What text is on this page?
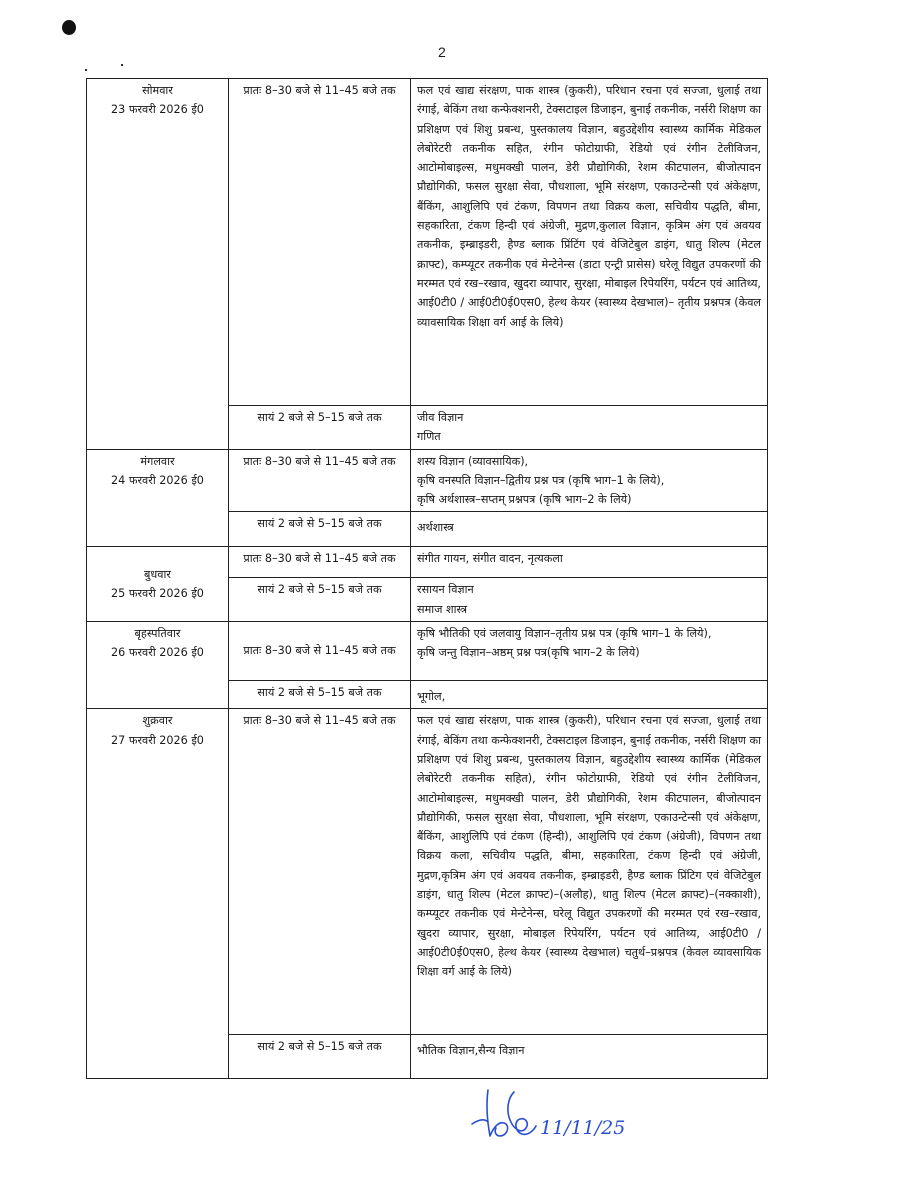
2
सोमवार
23 फरवरी 2026 ई0	प्रातः 8–30 बजे से 11–45 बजे तक	फल एवं खाद्य संरक्षण, पाक शास्त्र (कुकरी), परिधान रचना एवं सज्जा, धुलाई तथा रंगाई, बेकिंग तथा कन्फेक्शनरी, टेक्सटाइल डिजाइन, बुनाई तकनीक, नर्सरी शिक्षण का प्रशिक्षण एवं शिशु प्रबन्ध, पुस्तकालय विज्ञान, बहुउद्देशीय स्वास्थ्य कार्मिक मेडिकल लेबोरेटरी तकनीक सहित, रंगीन फोटोग्राफी, रेडियो एवं रंगीन टेलीविजन, आटोमोबाइल्स, मधुमक्खी पालन, डेरी प्रौद्योगिकी, रेशम कीटपालन, बीजोत्पादन प्रौद्योगिकी, फसल सुरक्षा सेवा, पौधशाला, भूमि संरक्षण, एकाउन्टेन्सी एवं अंकेक्षण, बैंकिंग, आशुलिपि एवं टंकण, विपणन तथा विक्रय कला, सचिवीय पद्धति, बीमा, सहकारिता, टंकण हिन्दी एवं अंग्रेजी, मुद्रण,कुलाल विज्ञान, कृत्रिम अंग एवं अवयव तकनीक, इम्ब्राइडरी, हैण्ड ब्लाक प्रिंटिंग एवं वेजिटेबुल डाइंग, धातु शिल्प (मेटल क्राफ्ट), कम्प्यूटर तकनीक एवं मेन्टेनेन्स (डाटा एन्ट्री प्रासेस) घरेलू विद्युत उपकरणों की मरम्मत एवं रख–रखाव, खुदरा व्यापार, सुरक्षा, मोबाइल रिपेयरिंग, पर्यटन एवं आतिथ्य, आई0टी0 / आई0टी0ई0एस0, हेल्थ केयर (स्वास्थ्य देखभाल)– तृतीय प्रश्नपत्र (केवल व्यावसायिक शिक्षा वर्ग आई के लिये)

	सायं 2 बजे से 5–15 बजे तक	जीव विज्ञान
गणित

मंगलवार
24 फरवरी 2026 ई0	प्रातः 8–30 बजे से 11–45 बजे तक	शस्य विज्ञान (व्यावसायिक),
कृषि वनस्पति विज्ञान–द्वितीय प्रश्न पत्र (कृषि भाग–1 के लिये),
कृषि अर्थशास्त्र–सप्तम् प्रश्नपत्र (कृषि भाग–2 के लिये)

	सायं 2 बजे से 5–15 बजे तक	अर्थशास्त्र

बुधवार
25 फरवरी 2026 ई0	प्रातः 8–30 बजे से 11–45 बजे तक	संगीत गायन, संगीत वादन, नृत्यकला

	सायं 2 बजे से 5–15 बजे तक	रसायन विज्ञान
समाज शास्त्र

बृहस्पतिवार
26 फरवरी 2026 ई0	प्रातः 8–30 बजे से 11–45 बजे तक	कृषि भौतिकी एवं जलवायु विज्ञान–तृतीय प्रश्न पत्र (कृषि भाग–1 के लिये),
कृषि जन्तु विज्ञान–अष्ठम् प्रश्न पत्र(कृषि भाग–2 के लिये)

	सायं 2 बजे से 5–15 बजे तक	भूगोल,

शुक्रवार
27 फरवरी 2026 ई0	प्रातः 8–30 बजे से 11–45 बजे तक	फल एवं खाद्य संरक्षण, पाक शास्त्र (कुकरी), परिधान रचना एवं सज्जा, धुलाई तथा रंगाई, बेकिंग तथा कन्फेक्शनरी, टेक्सटाइल डिजाइन, बुनाई तकनीक, नर्सरी शिक्षण का प्रशिक्षण एवं शिशु प्रबन्ध, पुस्तकालय विज्ञान, बहुउद्देशीय स्वास्थ्य कार्मिक (मेडिकल लेबोरेटरी तकनीक सहित), रंगीन फोटोग्राफी, रेडियो एवं रंगीन टेलीविजन, आटोमोबाइल्स, मधुमक्खी पालन, डेरी प्रौद्योगिकी, रेशम कीटपालन, बीजोत्पादन प्रौद्योगिकी, फसल सुरक्षा सेवा, पौधशाला, भूमि संरक्षण, एकाउन्टेन्सी एवं अंकेक्षण, बैंकिंग, आशुलिपि एवं टंकण (हिन्दी), आशुलिपि एवं टंकण (अंग्रेजी), विपणन तथा विक्रय कला, सचिवीय पद्धति, बीमा, सहकारिता, टंकण हिन्दी एवं अंग्रेजी, मुद्रण,कृत्रिम अंग एवं अवयव तकनीक, इम्ब्राइडरी, हैण्ड ब्लाक प्रिंटिग एवं वेजिटेबुल डाइंग, धातु शिल्प (मेटल क्राफ्ट)–(अलौह), धातु शिल्प (मेटल क्राफ्ट)–(नक्काशी), कम्प्यूटर तकनीक एवं मेन्टेनेन्स, घरेलू विद्युत उपकरणों की मरम्मत एवं रख–रखाव, खुदरा व्यापार, सुरक्षा, मोबाइल रिपेयरिंग, पर्यटन एवं आतिथ्य, आई0टी0 / आई0टी0ई0एस0, हेल्थ केयर (स्वास्थ्य देखभाल) चतुर्थ–प्रश्नपत्र (केवल व्यावसायिक शिक्षा वर्ग आई के लिये)

	सायं 2 बजे से 5–15 बजे तक	भौतिक विज्ञान,सैन्य विज्ञान
11/11/25
